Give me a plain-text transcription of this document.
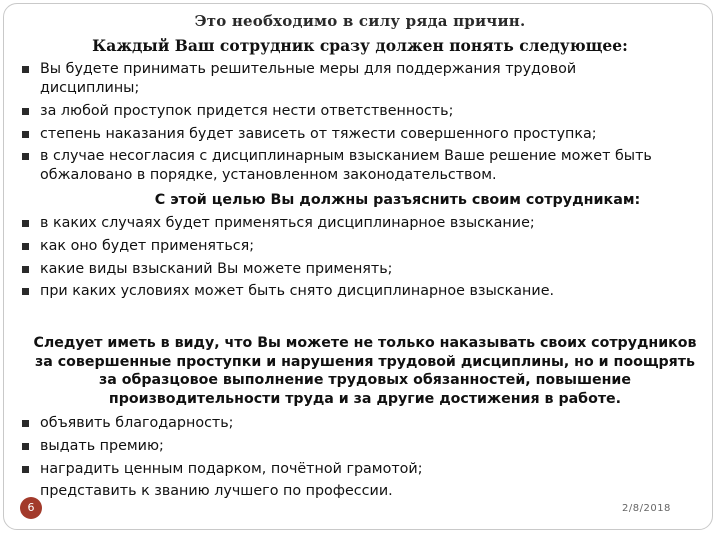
Это необходимо в силу ряда причин.
Каждый Ваш сотрудник сразу должен понять следующее:
Вы будете принимать решительные меры для поддержания трудовой дисциплины;
за любой проступок придется нести ответственность;
степень наказания будет зависеть от тяжести совершенного проступка;
в случае несогласия с дисциплинарным взысканием Ваше решение может быть обжаловано в порядке, установленном законодательством.
С этой целью Вы должны разъяснить своим сотрудникам:
в каких случаях будет применяться дисциплинарное взыскание;
как оно будет применяться;
какие виды взысканий Вы можете применять;
при каких условиях может быть снято дисциплинарное взыскание.
Следует иметь в виду, что Вы можете не только наказывать своих сотрудников за совершенные проступки и нарушения трудовой дисциплины, но и поощрять за образцовое выполнение трудовых обязанностей, повышение производительности труда и за другие достижения в работе.
объявить благодарность;
выдать премию;
наградить ценным подарком, почётной грамотой;
представить к званию лучшего по профессии.
6	2/8/2018
